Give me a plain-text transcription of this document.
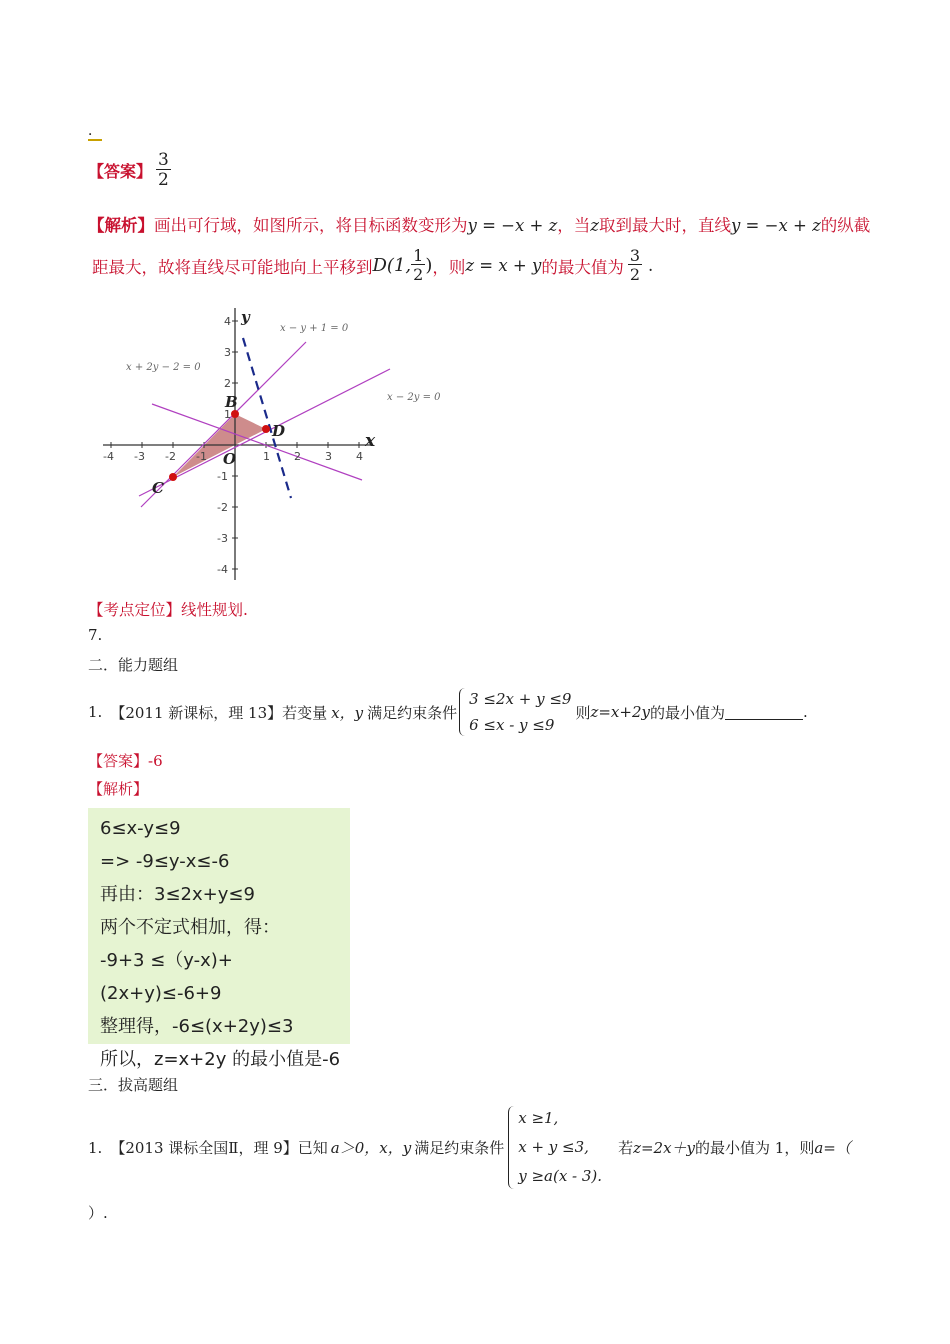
．
【答案】 $\frac{3}{2}$
【解析】画出可行域，如图所示，将目标函数变形为y = −x + z，当z取到最大时，直线y = −x + z的纵截
距最大，故将直线尽可能地向上平移到 D(1, $\frac{1}{2}$ ) ，则 z = x + y 的最大值为 $\frac{3}{2}$ .
-4 -3 -2 -1	1 2 3 4
4
3
2
1
-1
-2
-3
-4
x
y
O
B
D
C
x − y + 1 = 0
x + 2y − 2 = 0
x − 2y = 0
【考点定位】线性规划.
7.
二．能力题组
1. 【2011 新课标，理 13】 若变量 x，y 满足约束条件
3 ≤2x + y ≤9
6 ≤x - y ≤9
则 z=x+2y 的最小值为	.
【答案】-6
【解析】
6≤x-y≤9
=> -9≤y-x≤-6
再由：3≤2x+y≤9
两个不定式相加，得：
-9+3 ≤（y-x)+(2x+y)≤-6+9
整理得，-6≤(x+2y)≤3
所以，z=x+2y 的最小值是-6
三．拔高题组
1. 【2013 课标全国Ⅱ，理 9】 已知 a＞0，x，y 满足约束条件
x ≥1,
x + y ≤3,
y ≥a(x - 3).
若 z=2x＋y 的最小值为 1，则 a=（
）.
